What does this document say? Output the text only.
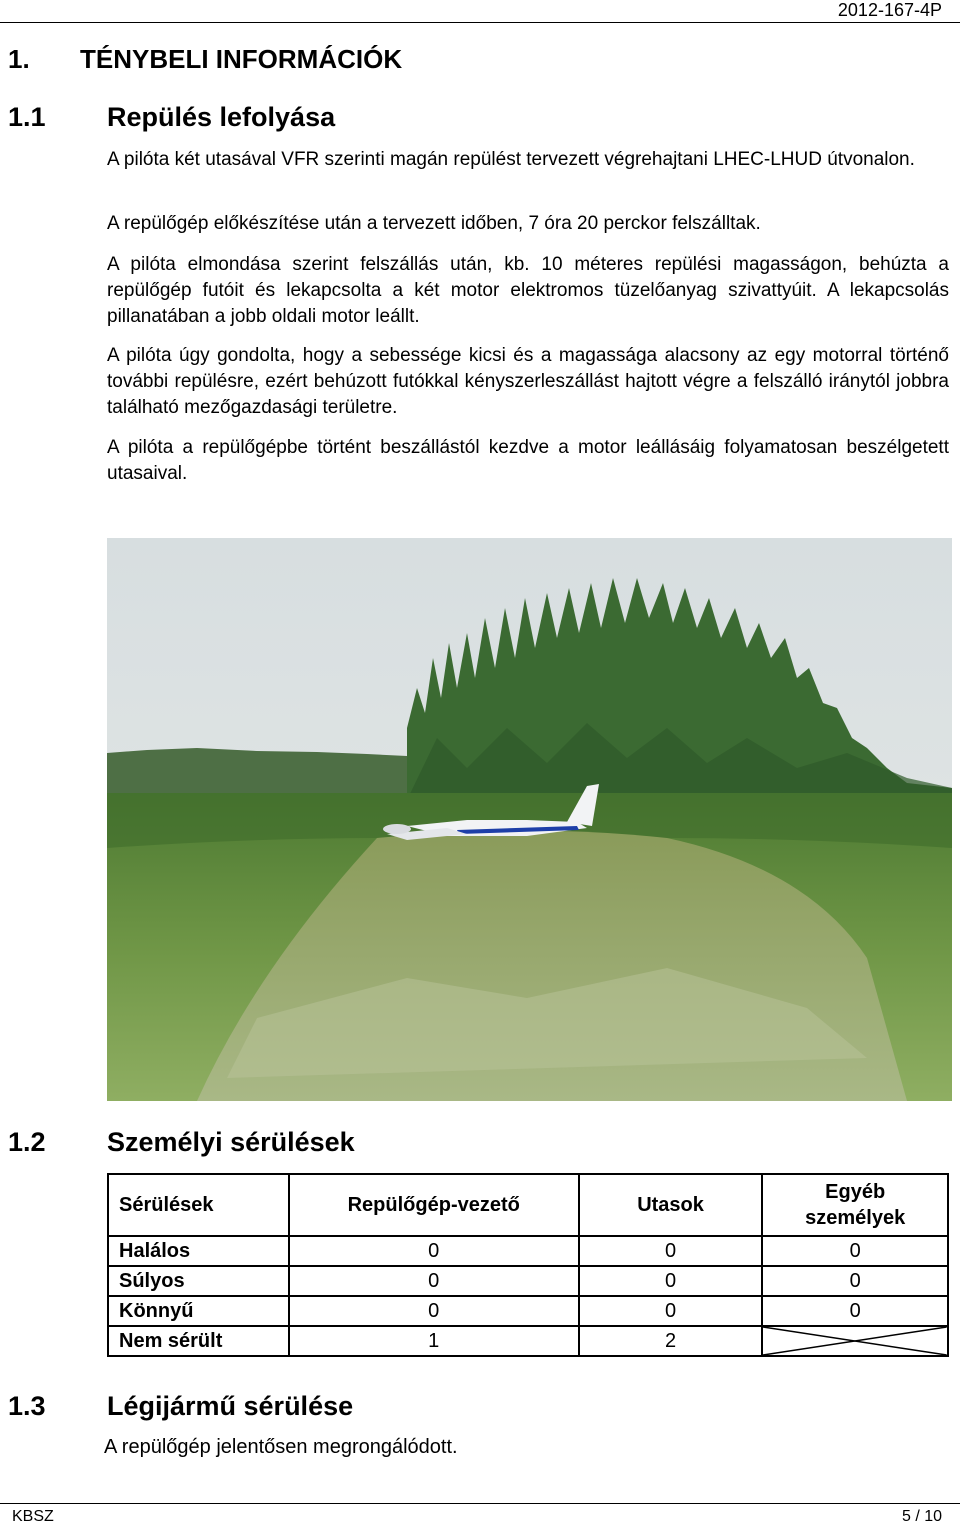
2012-167-4P
1. TÉNYBELI INFORMÁCIÓK
1.1 Repülés lefolyása

A pilóta két utasával VFR szerinti magán repülést tervezett végrehajtani LHEC-LHUD útvonalon.

A repülőgép előkészítése után a tervezett időben, 7 óra 20 perckor felszálltak.

A pilóta elmondása szerint felszállás után, kb. 10 méteres repülési magasságon, behúzta a repülőgép futóit és lekapcsolta a két motor elektromos tüzelőanyag szivattyúit. A lekapcsolás pillanatában a jobb oldali motor leállt.

A pilóta úgy gondolta, hogy a sebessége kicsi és a magassága alacsony az egy motorral történő további repülésre, ezért behúzott futókkal kényszerleszállást hajtott végre a felszálló iránytól jobbra található mezőgazdasági területre.

A pilóta a repülőgépbe történt beszállástól kezdve a motor leállásáig folyamatosan beszélgetett utasaival.

1.2 Személyi sérülések
Sérülések	Repülőgép-vezető	Utasok	Egyéb személyek
Halálos	0	0	0
Súlyos	0	0	0
Könnyű	0	0	0
Nem sérült	1	2	
1.3 Légijármű sérülése
A repülőgép jelentősen megrongálódott.
KBSZ	5 / 10
